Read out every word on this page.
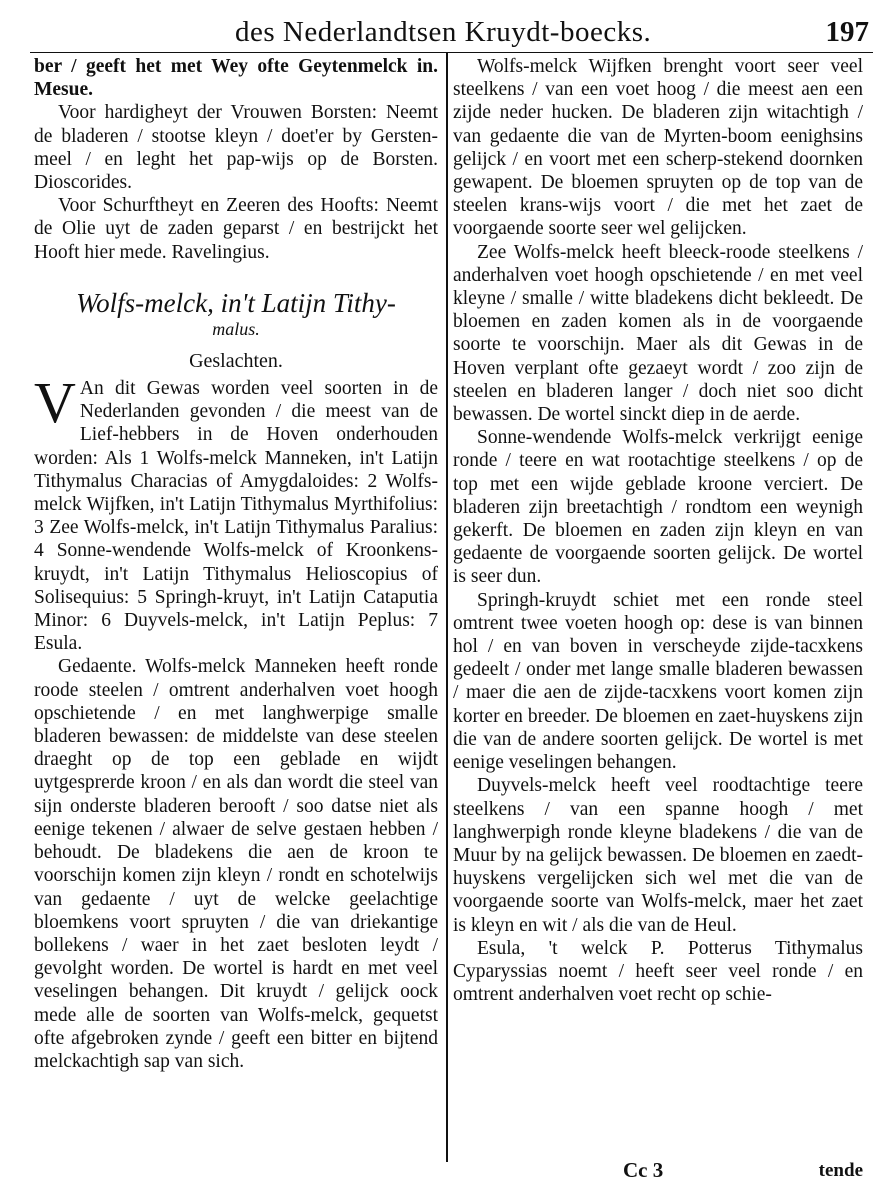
des Nederlandtsen Kruydt-boecks.	197

ber / geeft het met Wey ofte Geytenmelck in. Mesue.

Voor hardigheyt der Vrouwen Borsten: Neemt de bladeren / stootse kleyn / doet'er by Gersten-meel / en leght het pap-wijs op de Borsten. Dioscorides.

Voor Schurftheyt en Zeeren des Hoofts: Neemt de Olie uyt de zaden geparst / en bestrijckt het Hooft hier mede. Ravelingius.

Wolfs-melck, in't Latijn Tithy-

malus.

Geslachten.

V An dit Gewas worden veel soorten in de Nederlanden gevonden / die meest van de Lief-hebbers in de Hoven onderhouden worden: Als 1 Wolfs-melck Manneken, in't Latijn Tithymalus Characias of Amygdaloides: 2 Wolfs-melck Wijfken, in't Latijn Tithymalus Myrthifolius: 3 Zee Wolfs-melck, in't Latijn Tithymalus Paralius: 4 Sonne-wendende Wolfs-melck of Kroonkens-kruydt, in't Latijn Tithymalus Helioscopius of Solisequius: 5 Springh-kruyt, in't Latijn Cataputia Minor: 6 Duyvels-melck, in't Latijn Peplus: 7 Esula.

Gedaente. Wolfs-melck Manneken heeft ronde roode steelen / omtrent anderhalven voet hoogh opschietende / en met langhwerpige smalle bladeren bewassen: de middelste van dese steelen draeght op de top een geblade en wijdt uytgesprerde kroon / en als dan wordt die steel van sijn onderste bladeren berooft / soo datse niet als eenige tekenen / alwaer de selve gestaen hebben / behoudt. De bladekens die aen de kroon te voorschijn komen zijn kleyn / rondt en schotelwijs van gedaente / uyt de welcke geelachtige bloemkens voort spruyten / die van driekantige bollekens / waer in het zaet besloten leydt / gevolght worden. De wortel is hardt en met veel veselingen behangen. Dit kruydt / gelijck oock mede alle de soorten van Wolfs-melck, gequetst ofte afgebroken zynde / geeft een bitter en bijtend melckachtigh sap van sich.

Wolfs-melck Wijfken brenght voort seer veel steelkens / van een voet hoog / die meest aen een zijde neder hucken. De bladeren zijn witachtigh / van gedaente die van de Myrten-boom eenighsins gelijck / en voort met een scherp-stekend doornken gewapent. De bloemen spruyten op de top van de steelen krans-wijs voort / die met het zaet de voorgaende soorte seer wel gelijcken.

Zee Wolfs-melck heeft bleeck-roode steelkens / anderhalven voet hoogh opschietende / en met veel kleyne / smalle / witte bladekens dicht bekleedt. De bloemen en zaden komen als in de voorgaende soorte te voorschijn. Maer als dit Gewas in de Hoven verplant ofte gezaeyt wordt / zoo zijn de steelen en bladeren langer / doch niet soo dicht bewassen. De wortel sinckt diep in de aerde.

Sonne-wendende Wolfs-melck verkrijgt eenige ronde / teere en wat rootachtige steelkens / op de top met een wijde geblade kroone verciert. De bladeren zijn breetachtigh / rondtom een weynigh gekerft. De bloemen en zaden zijn kleyn en van gedaente de voorgaende soorten gelijck. De wortel is seer dun.

Springh-kruydt schiet met een ronde steel omtrent twee voeten hoogh op: dese is van binnen hol / en van boven in verscheyde zijde-tacxkens gedeelt / onder met lange smalle bladeren bewassen / maer die aen de zijde-tacxkens voort komen zijn korter en breeder. De bloemen en zaet-huyskens zijn die van de andere soorten gelijck. De wortel is met eenige veselingen behangen.

Duyvels-melck heeft veel roodtachtige teere steelkens / van een spanne hoogh / met langhwerpigh ronde kleyne bladekens / die van de Muur by na gelijck bewassen. De bloemen en zaedt-huyskens vergelijcken sich wel met die van de voorgaende soorte van Wolfs-melck, maer het zaet is kleyn en wit / als die van de Heul.

Esula, 't welck P. Potterus Tithymalus Cyparyssias noemt / heeft seer veel ronde / en omtrent anderhalven voet recht op schie-

Cc 3	tende
